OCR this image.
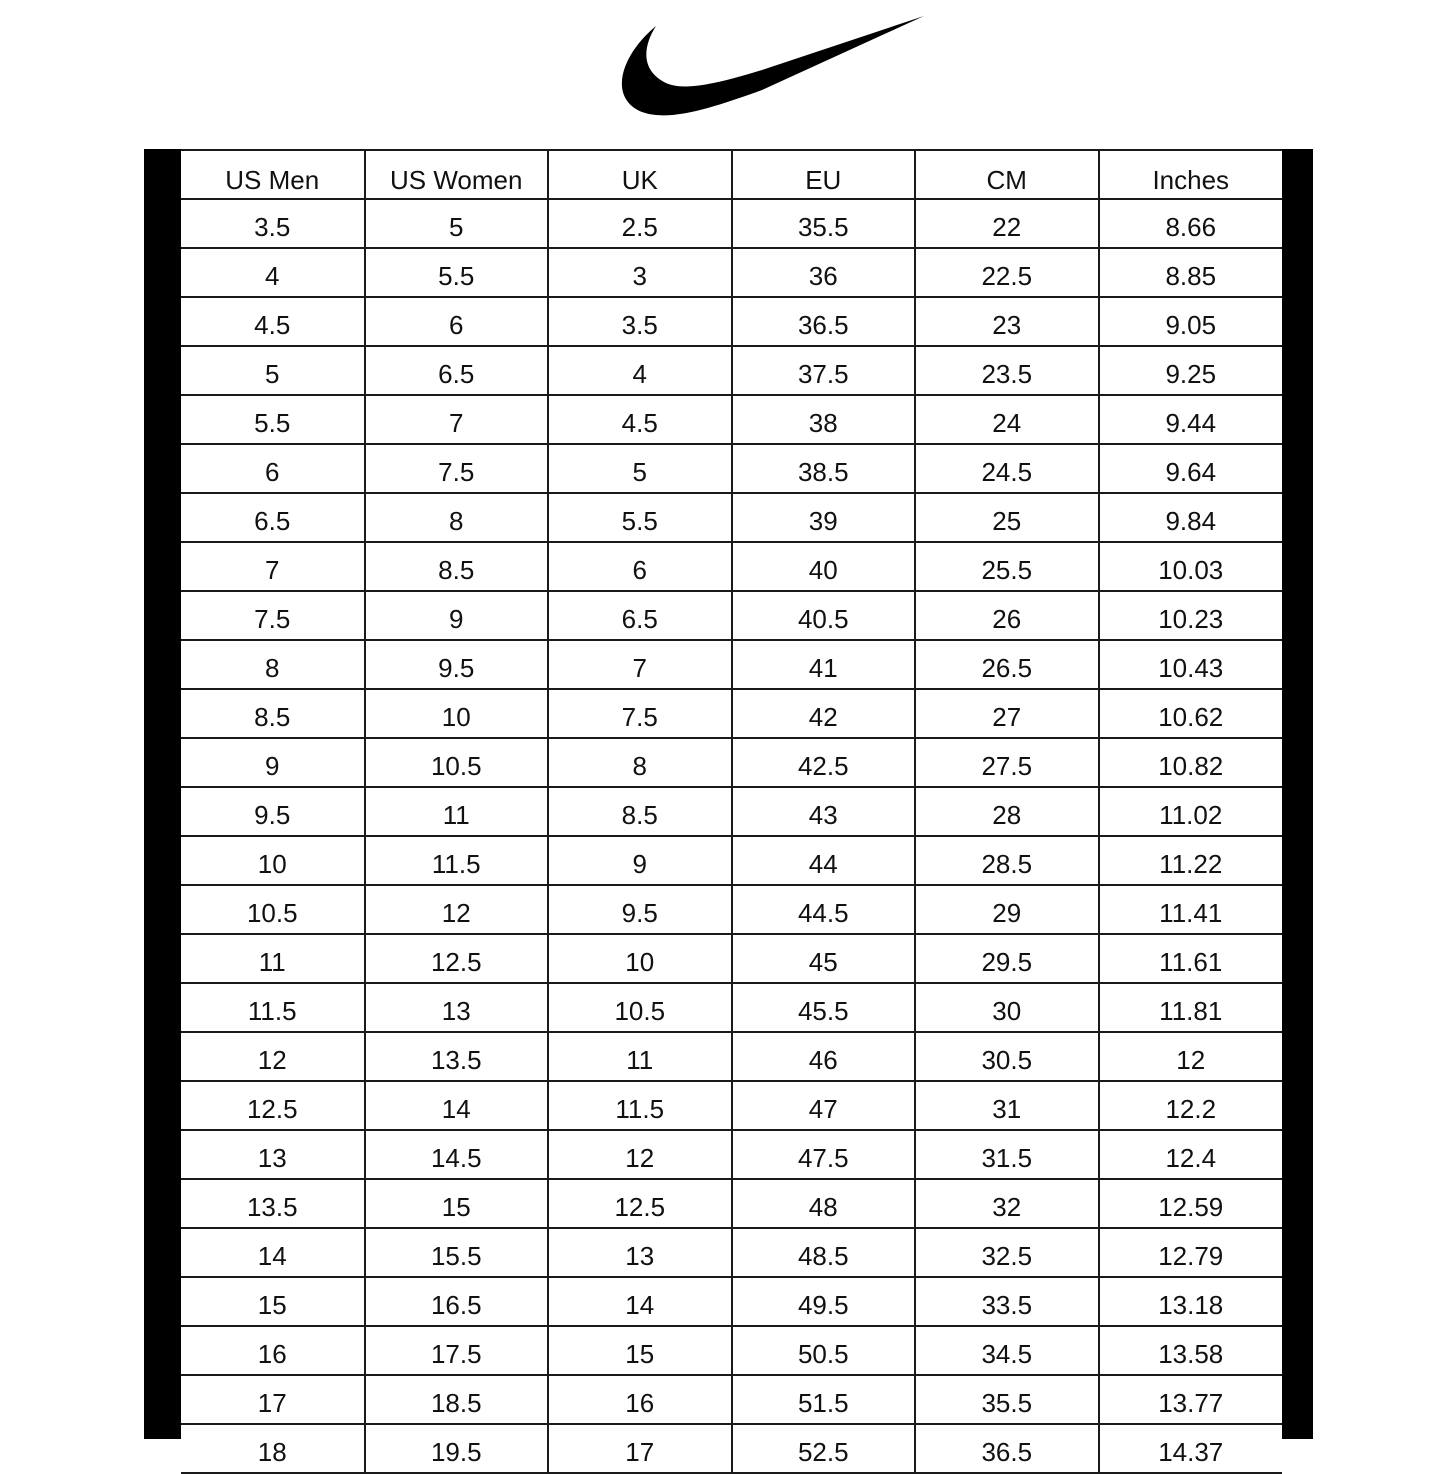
US Men	US Women	UK	EU	CM	Inches
3.5	5	2.5	35.5	22	8.66
4	5.5	3	36	22.5	8.85
4.5	6	3.5	36.5	23	9.05
5	6.5	4	37.5	23.5	9.25
5.5	7	4.5	38	24	9.44
6	7.5	5	38.5	24.5	9.64
6.5	8	5.5	39	25	9.84
7	8.5	6	40	25.5	10.03
7.5	9	6.5	40.5	26	10.23
8	9.5	7	41	26.5	10.43
8.5	10	7.5	42	27	10.62
9	10.5	8	42.5	27.5	10.82
9.5	11	8.5	43	28	11.02
10	11.5	9	44	28.5	11.22
10.5	12	9.5	44.5	29	11.41
11	12.5	10	45	29.5	11.61
11.5	13	10.5	45.5	30	11.81
12	13.5	11	46	30.5	12
12.5	14	11.5	47	31	12.2
13	14.5	12	47.5	31.5	12.4
13.5	15	12.5	48	32	12.59
14	15.5	13	48.5	32.5	12.79
15	16.5	14	49.5	33.5	13.18
16	17.5	15	50.5	34.5	13.58
17	18.5	16	51.5	35.5	13.77
18	19.5	17	52.5	36.5	14.37
